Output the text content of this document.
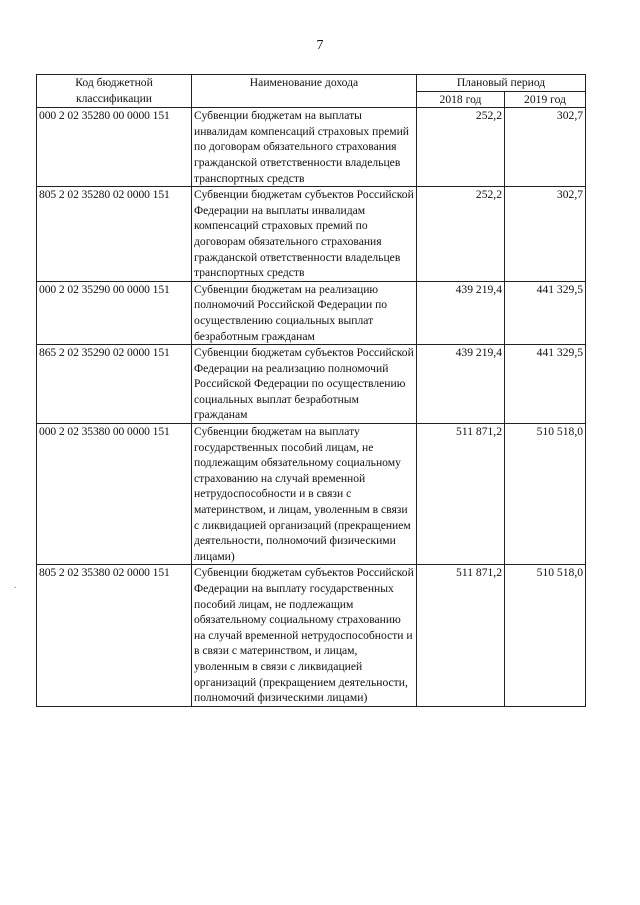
7
Код бюджетной классификации	Наименование дохода	Плановый период	
		2018 год	2019 год
000 2 02 35280 00 0000 151	Субвенции бюджетам на выплаты инвалидам компенсаций страховых премий по договорам обязательного страхования гражданской ответственности владельцев транспортных средств	252,2	302,7
805 2 02 35280 02 0000 151	Субвенции бюджетам субъектов Российской Федерации на выплаты инвалидам компенсаций страховых премий по договорам обязательного страхования гражданской ответственности владельцев транспортных средств	252,2	302,7
000 2 02 35290 00 0000 151	Субвенции бюджетам на реализацию полномочий Российской Федерации по осуществлению социальных выплат безработным гражданам	439 219,4	441 329,5
865 2 02 35290 02 0000 151	Субвенции бюджетам субъектов Российской Федерации на реализацию полномочий Российской Федерации по осуществлению социальных выплат безработным гражданам	439 219,4	441 329,5
000 2 02 35380 00 0000 151	Субвенции бюджетам на выплату государственных пособий лицам, не подлежащим обязательному социальному страхованию на случай временной нетрудоспособности и в связи с материнством, и лицам, уволенным в связи с ликвидацией организаций (прекращением деятельности, полномочий физическими лицами)	511 871,2	510 518,0
805 2 02 35380 02 0000 151	Субвенции бюджетам субъектов Российской Федерации на выплату государственных пособий лицам, не подлежащим обязательному социальному страхованию на случай временной нетрудоспособности и в связи с материнством, и лицам, уволенным в связи с ликвидацией организаций (прекращением деятельности, полномочий физическими лицами)	511 871,2	510 518,0
.
